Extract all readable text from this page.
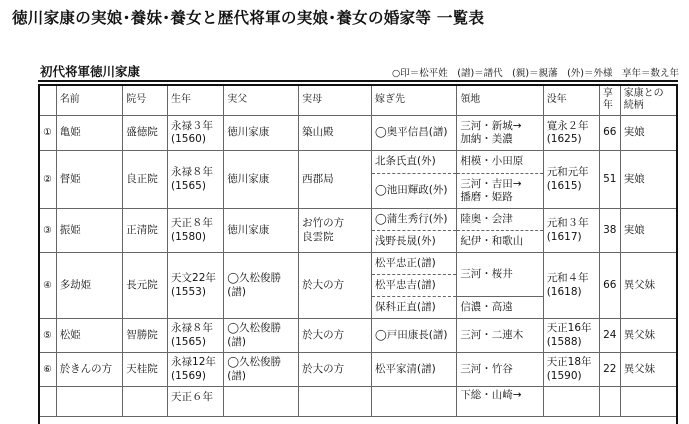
徳川家康の実娘･養妹･養女と歴代将軍の実娘･養女の婚家等 一覧表
初代将軍徳川家康	○印＝松平姓　(譜)＝譜代　(親)＝親藩　(外)＝外様　享年＝数え年
	名前	院号	生年	実父	実母	嫁ぎ先	領地	没年	享
年	家康との
続柄
①	亀姫	盛徳院	永禄３年
(1560)	徳川家康	築山殿	◯奥平信昌(譜)	三河・新城→
加納・美濃	寛永２年
(1625)	66	実娘
②	督姫	良正院	永禄８年
(1565)	徳川家康	西郡局	北条氏直(外)	相模・小田原	元和元年
(1615)	51	実娘
						◯池田輝政(外)	三河・吉田→
播磨・姫路			
③	振姫	正清院	天正８年
(1580)	徳川家康	お竹の方
良雲院	◯蒲生秀行(外)	陸奥・会津	元和３年
(1617)	38	実娘
						浅野長晟(外)	紀伊・和歌山			
④	多劫姫	長元院	天文22年
(1553)	◯久松俊勝
(譜)	於大の方	松平忠正(譜)	三河・桜井	元和４年
(1618)	66	異父妹
						松平忠吉(譜)				
						保科正直(譜)	信濃・高遠			
⑤	松姫	智勝院	永禄８年
(1565)	◯久松俊勝
(譜)	於大の方	◯戸田康長(譜)	三河・二連木	天正16年
(1588)	24	異父妹
⑥	於きんの方	天桂院	永禄12年
(1569)	◯久松俊勝
(譜)	於大の方	松平家清(譜)	三河・竹谷	天正18年
(1590)	22	異父妹
			天正６年				下総・山崎→			
